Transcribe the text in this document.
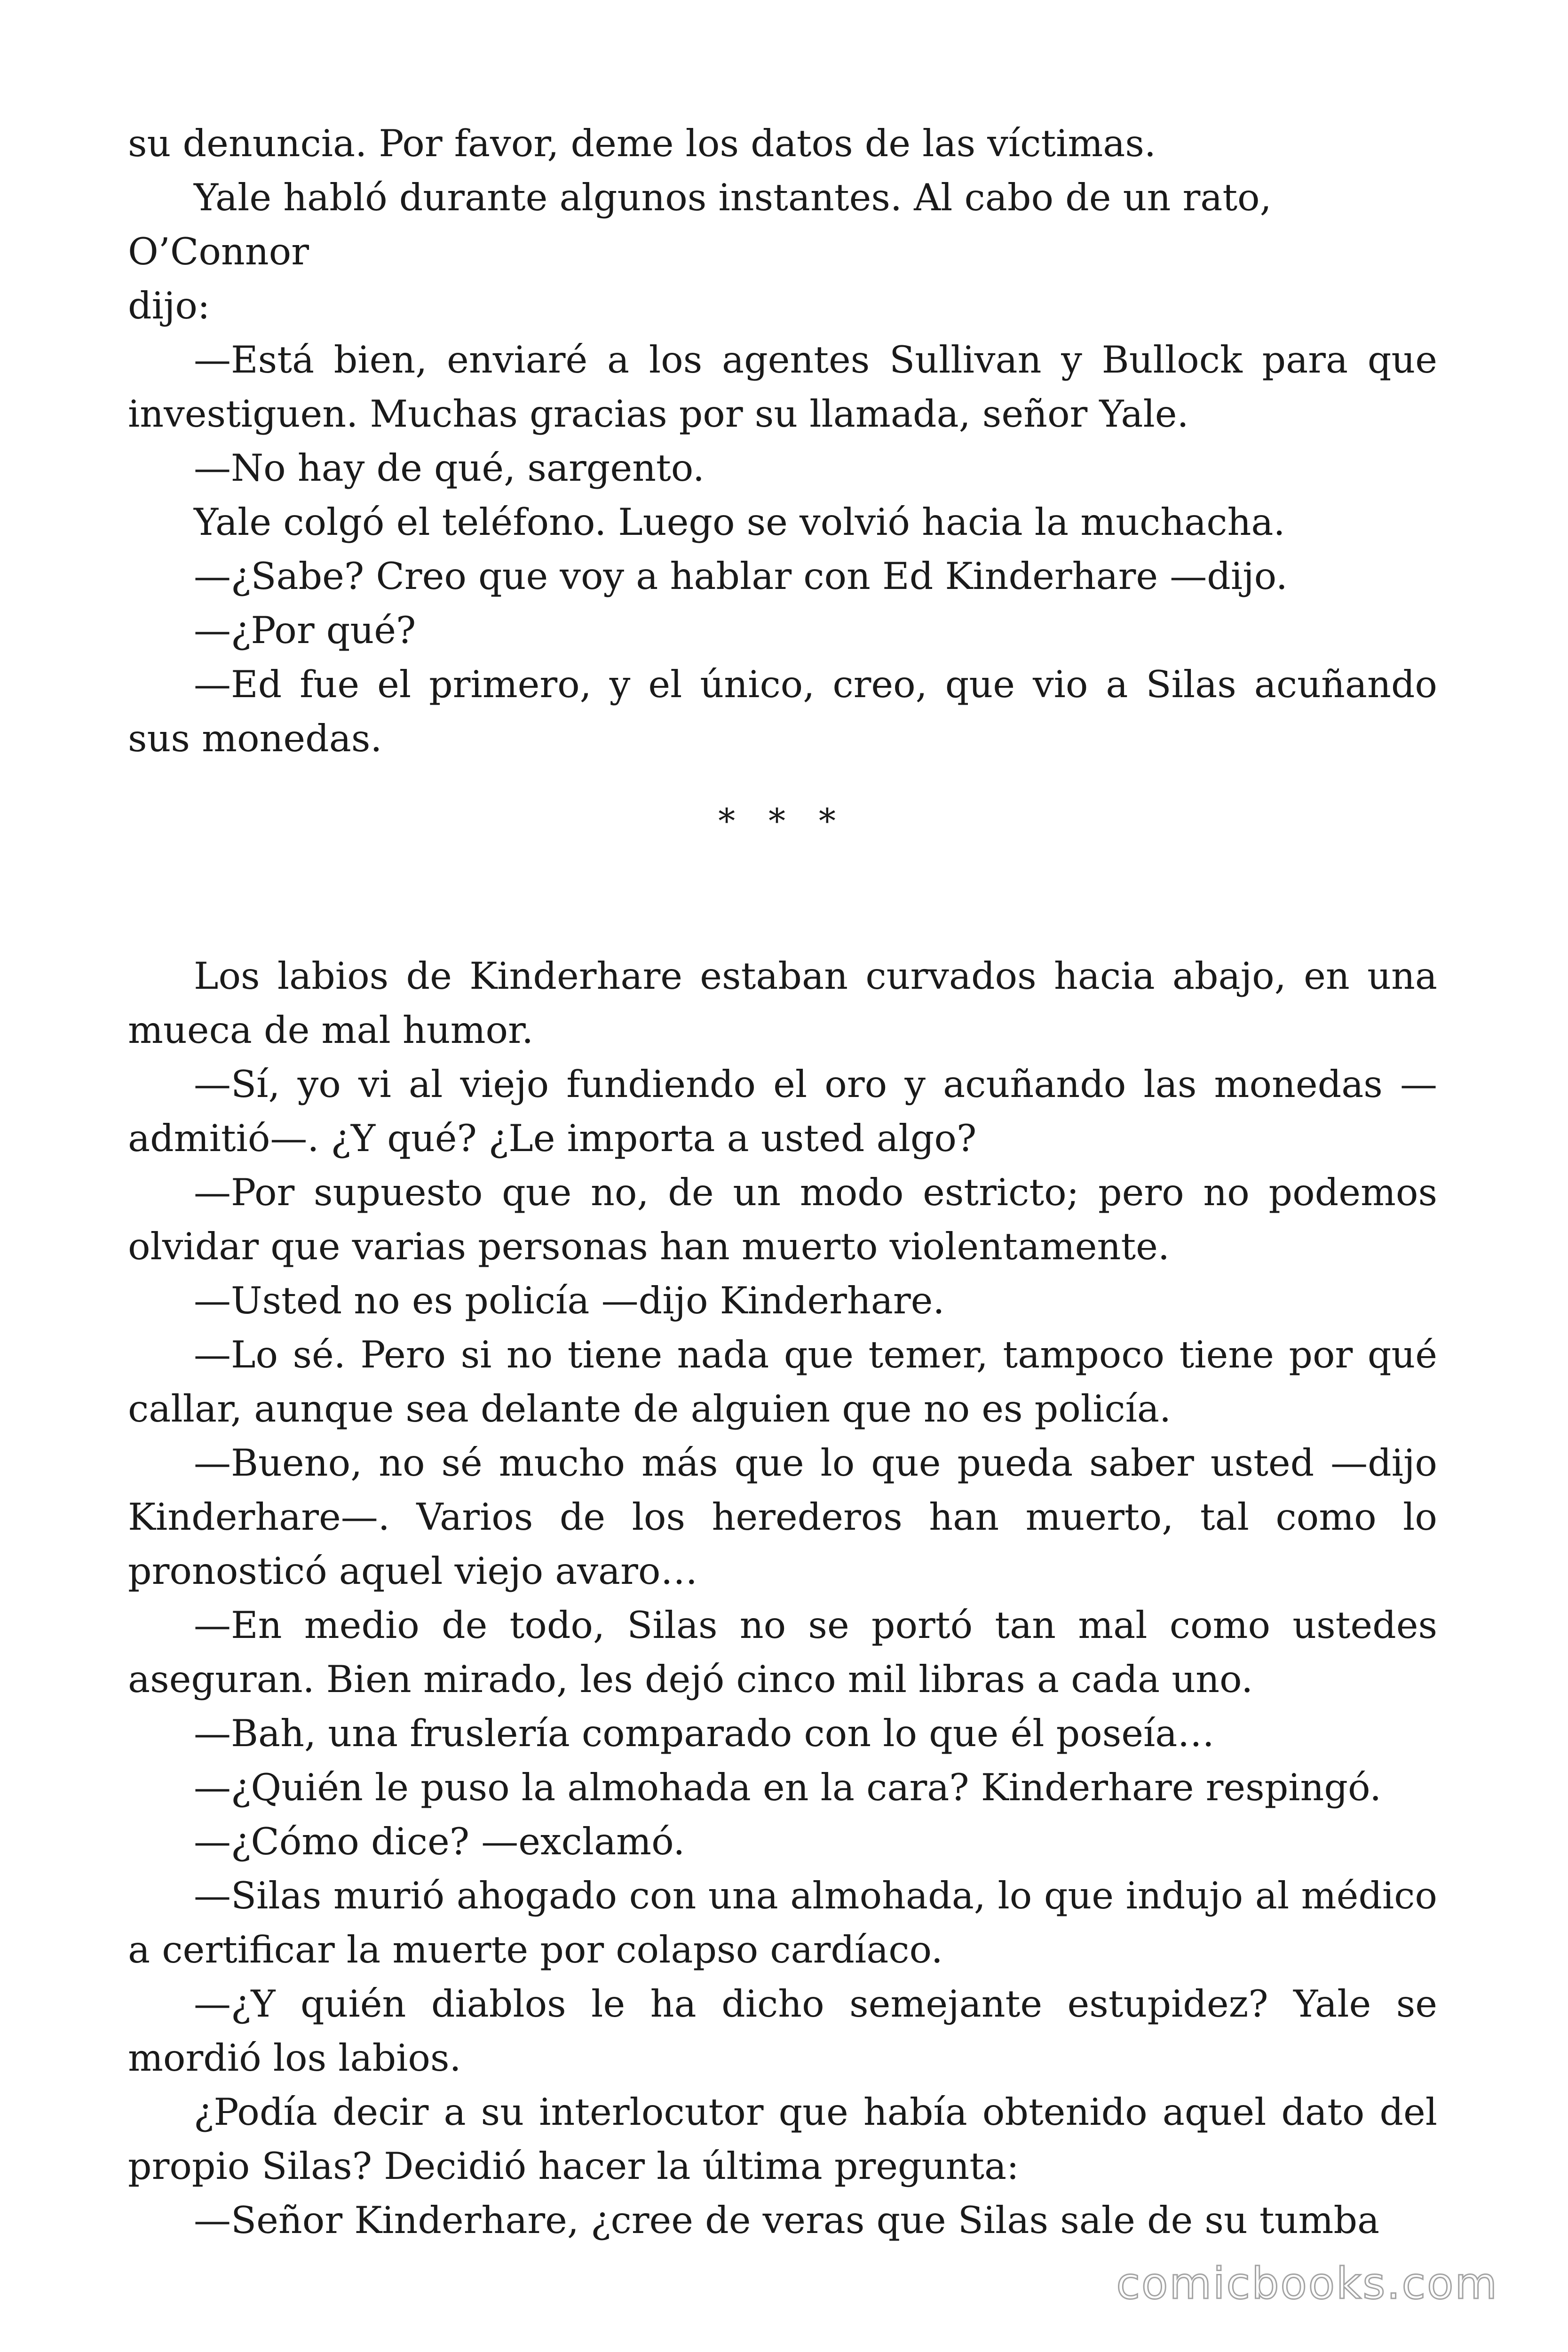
su denuncia. Por favor, deme los datos de las víctimas.

Yale habló durante algunos instantes. Al cabo de un rato,

O’Connor

dijo:

—Está bien, enviaré a los agentes Sullivan y Bullock para que investiguen. Muchas gracias por su llamada, señor Yale.

—No hay de qué, sargento.

Yale colgó el teléfono. Luego se volvió hacia la muchacha.

—¿Sabe? Creo que voy a hablar con Ed Kinderhare —dijo.

—¿Por qué?

—Ed fue el primero, y el único, creo, que vio a Silas acuñando sus monedas.

* * *

Los labios de Kinderhare estaban curvados hacia abajo, en una mueca de mal humor.

—Sí, yo vi al viejo fundiendo el oro y acuñando las monedas —admitió—. ¿Y qué? ¿Le importa a usted algo?

—Por supuesto que no, de un modo estricto; pero no podemos olvidar que varias personas han muerto violentamente.

—Usted no es policía —dijo Kinderhare.

—Lo sé. Pero si no tiene nada que temer, tampoco tiene por qué callar, aunque sea delante de alguien que no es policía.

—Bueno, no sé mucho más que lo que pueda saber usted —dijo Kinderhare—. Varios de los herederos han muerto, tal como lo pronosticó aquel viejo avaro…

—En medio de todo, Silas no se portó tan mal como ustedes aseguran. Bien mirado, les dejó cinco mil libras a cada uno.

—Bah, una fruslería comparado con lo que él poseía…

—¿Quién le puso la almohada en la cara? Kinderhare respingó.

—¿Cómo dice? —exclamó.

—Silas murió ahogado con una almohada, lo que indujo al médico a certificar la muerte por colapso cardíaco.

—¿Y quién diablos le ha dicho semejante estupidez? Yale se mordió los labios.

¿Podía decir a su interlocutor que había obtenido aquel dato del propio Silas? Decidió hacer la última pregunta:

—Señor Kinderhare, ¿cree de veras que Silas sale de su tumba

comicbooks.com
